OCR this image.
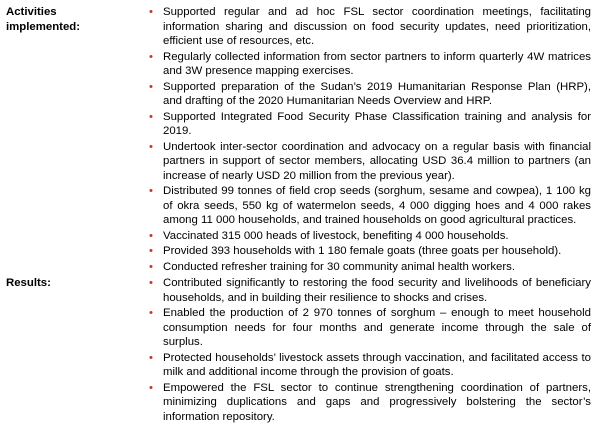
Activities implemented:
• Supported regular and ad hoc FSL sector coordination meetings, facilitating information sharing and discussion on food security updates, need prioritization, efficient use of resources, etc.
• Regularly collected information from sector partners to inform quarterly 4W matrices and 3W presence mapping exercises.
• Supported preparation of the Sudan’s 2019 Humanitarian Response Plan (HRP), and drafting of the 2020 Humanitarian Needs Overview and HRP.
• Supported Integrated Food Security Phase Classification training and analysis for 2019.
• Undertook inter-sector coordination and advocacy on a regular basis with financial partners in support of sector members, allocating USD 36.4 million to partners (an increase of nearly USD 20 million from the previous year).
• Distributed 99 tonnes of field crop seeds (sorghum, sesame and cowpea), 1 100 kg of okra seeds, 550 kg of watermelon seeds, 4 000 digging hoes and 4 000 rakes among 11 000 households, and trained households on good agricultural practices.
• Vaccinated 315 000 heads of livestock, benefiting 4 000 households.
• Provided 393 households with 1 180 female goats (three goats per household).
• Conducted refresher training for 30 community animal health workers.
Results:	• Contributed significantly to restoring the food security and livelihoods of beneficiary households, and in building their resilience to shocks and crises.
• Enabled the production of 2 970 tonnes of sorghum – enough to meet household consumption needs for four months and generate income through the sale of surplus.
• Protected households’ livestock assets through vaccination, and facilitated access to milk and additional income through the provision of goats.
• Empowered the FSL sector to continue strengthening coordination of partners, minimizing duplications and gaps and progressively bolstering the sector’s information repository.
